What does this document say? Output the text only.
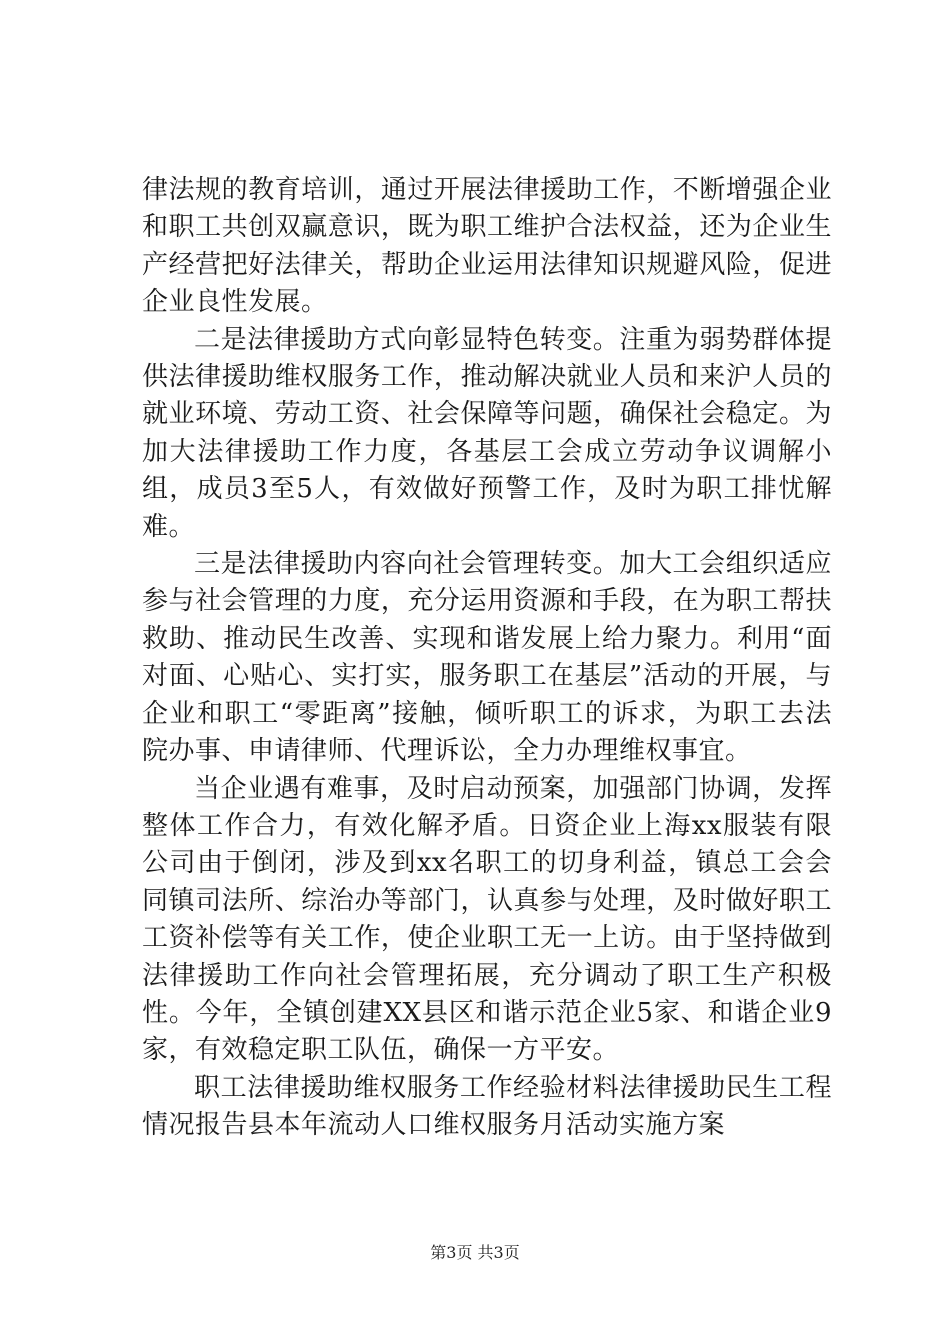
律法规的教育培训，通过开展法律援助工作，不断增强企业和职工共创双赢意识，既为职工维护合法权益，还为企业生产经营把好法律关，帮助企业运用法律知识规避风险，促进企业良性发展。

二是法律援助方式向彰显特色转变。注重为弱势群体提供法律援助维权服务工作，推动解决就业人员和来沪人员的就业环境、劳动工资、社会保障等问题，确保社会稳定。为加大法律援助工作力度，各基层工会成立劳动争议调解小组，成员3至5人，有效做好预警工作，及时为职工排忧解难。

三是法律援助内容向社会管理转变。加大工会组织适应参与社会管理的力度，充分运用资源和手段，在为职工帮扶救助、推动民生改善、实现和谐发展上给力聚力。利用“面对面、心贴心、实打实，服务职工在基层”活动的开展，与企业和职工“零距离”接触，倾听职工的诉求，为职工去法院办事、申请律师、代理诉讼，全力办理维权事宜。

当企业遇有难事，及时启动预案，加强部门协调，发挥整体工作合力，有效化解矛盾。日资企业上海xx服装有限公司由于倒闭，涉及到xx名职工的切身利益，镇总工会会同镇司法所、综治办等部门，认真参与处理，及时做好职工工资补偿等有关工作，使企业职工无一上访。由于坚持做到法律援助工作向社会管理拓展，充分调动了职工生产积极性。今年，全镇创建XX县区和谐示范企业5家、和谐企业9家，有效稳定职工队伍，确保一方平安。

职工法律援助维权服务工作经验材料法律援助民生工程情况报告县本年流动人口维权服务月活动实施方案

第3页 共3页
